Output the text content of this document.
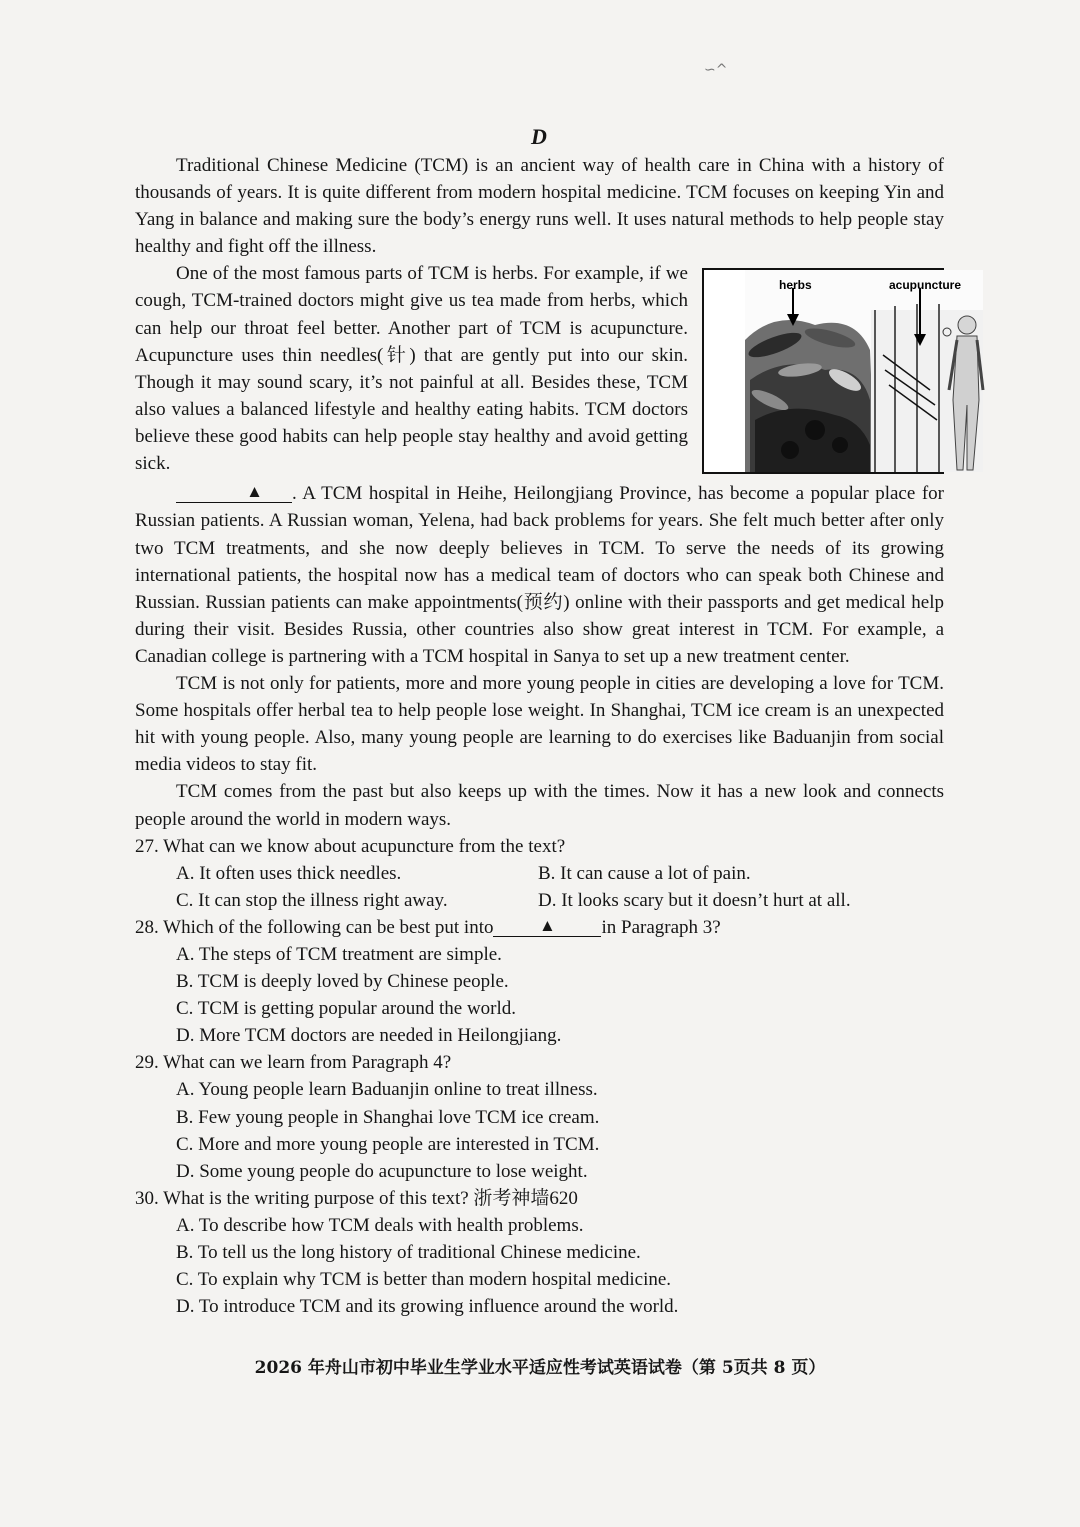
∽^
D

Traditional Chinese Medicine (TCM) is an ancient way of health care in China with a history of thousands of years. It is quite different from modern hospital medicine. TCM focuses on keeping Yin and Yang in balance and making sure the body’s energy runs well. It uses natural methods to help people stay healthy and fight off the illness.

herbs	acupuncture
One of the most famous parts of TCM is herbs. For example, if we cough, TCM-trained doctors might give us tea made from herbs, which can help our throat feel better. Another part of TCM is acupuncture. Acupuncture uses thin needles(针) that are gently put into our skin. Though it may sound scary, it’s not painful at all. Besides these, TCM also values a balanced lifestyle and healthy eating habits. TCM doctors believe these good habits can help people stay healthy and avoid getting sick.

▲ . A TCM hospital in Heihe, Heilongjiang Province, has become a popular place for Russian patients. A Russian woman, Yelena, had back problems for years. She felt much better after only two TCM treatments, and she now deeply believes in TCM. To serve the needs of its growing international patients, the hospital now has a medical team of doctors who can speak both Chinese and Russian. Russian patients can make appointments(预约) online with their passports and get medical help during their visit. Besides Russia, other countries also show great interest in TCM. For example, a Canadian college is partnering with a TCM hospital in Sanya to set up a new treatment center.

TCM is not only for patients, more and more young people in cities are developing a love for TCM. Some hospitals offer herbal tea to help people lose weight. In Shanghai, TCM ice cream is an unexpected hit with young people. Also, many young people are learning to do exercises like Baduanjin from social media videos to stay fit.

TCM comes from the past but also keeps up with the times. Now it has a new look and connects people around the world in modern ways.

27. What can we know about acupuncture from the text?
A. It often uses thick needles.	B. It can cause a lot of pain.
C. It can stop the illness right away.	D. It looks scary but it doesn’t hurt at all.
28. Which of the following can be best put into	▲ in Paragraph 3?
A. The steps of TCM treatment are simple.
B. TCM is deeply loved by Chinese people.
C. TCM is getting popular around the world.
D. More TCM doctors are needed in Heilongjiang.
29. What can we learn from Paragraph 4?
A. Young people learn Baduanjin online to treat illness.
B. Few young people in Shanghai love TCM ice cream.
C. More and more young people are interested in TCM.
D. Some young people do acupuncture to lose weight.
30. What is the writing purpose of this text? 浙考神墙620
A. To describe how TCM deals with health problems.
B. To tell us the long history of traditional Chinese medicine.
C. To explain why TCM is better than modern hospital medicine.
D. To introduce TCM and its growing influence around the world.
2026 年舟山市初中毕业生学业水平适应性考试英语试卷（第 5页共 8 页）
